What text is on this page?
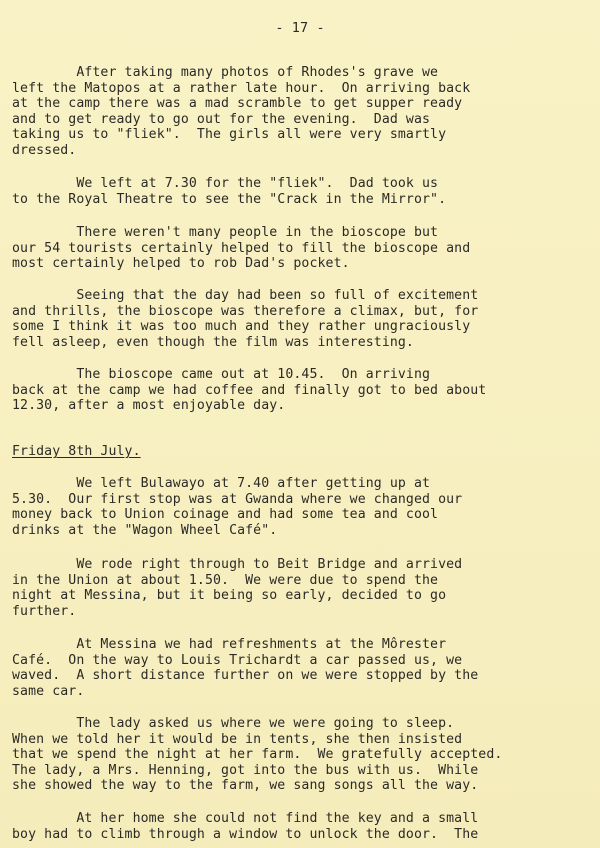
- 17 -
After taking many photos of Rhodes's grave we
left the Matopos at a rather late hour.  On arriving back
at the camp there was a mad scramble to get supper ready
and to get ready to go out for the evening.  Dad was
taking us to "fliek".  The girls all were very smartly
dressed.
We left at 7.30 for the "fliek".  Dad took us
to the Royal Theatre to see the "Crack in the Mirror".
There weren't many people in the bioscope but
our 54 tourists certainly helped to fill the bioscope and
most certainly helped to rob Dad's pocket.
Seeing that the day had been so full of excitement
and thrills, the bioscope was therefore a climax, but, for
some I think it was too much and they rather ungraciously
fell asleep, even though the film was interesting.
The bioscope came out at 10.45.  On arriving
back at the camp we had coffee and finally got to bed about
12.30, after a most enjoyable day.
Friday 8th July.
We left Bulawayo at 7.40 after getting up at
5.30.  Our first stop was at Gwanda where we changed our
money back to Union coinage and had some tea and cool
drinks at the "Wagon Wheel Café".
We rode right through to Beit Bridge and arrived
in the Union at about 1.50.  We were due to spend the
night at Messina, but it being so early, decided to go
further.
At Messina we had refreshments at the Môrester
Café.  On the way to Louis Trichardt a car passed us, we
waved.  A short distance further on we were stopped by the
same car.
The lady asked us where we were going to sleep.
When we told her it would be in tents, she then insisted
that we spend the night at her farm.  We gratefully accepted.
The lady, a Mrs. Henning, got into the bus with us.  While
she showed the way to the farm, we sang songs all the way.
At her home she could not find the key and a small
boy had to climb through a window to unlock the door.  The
